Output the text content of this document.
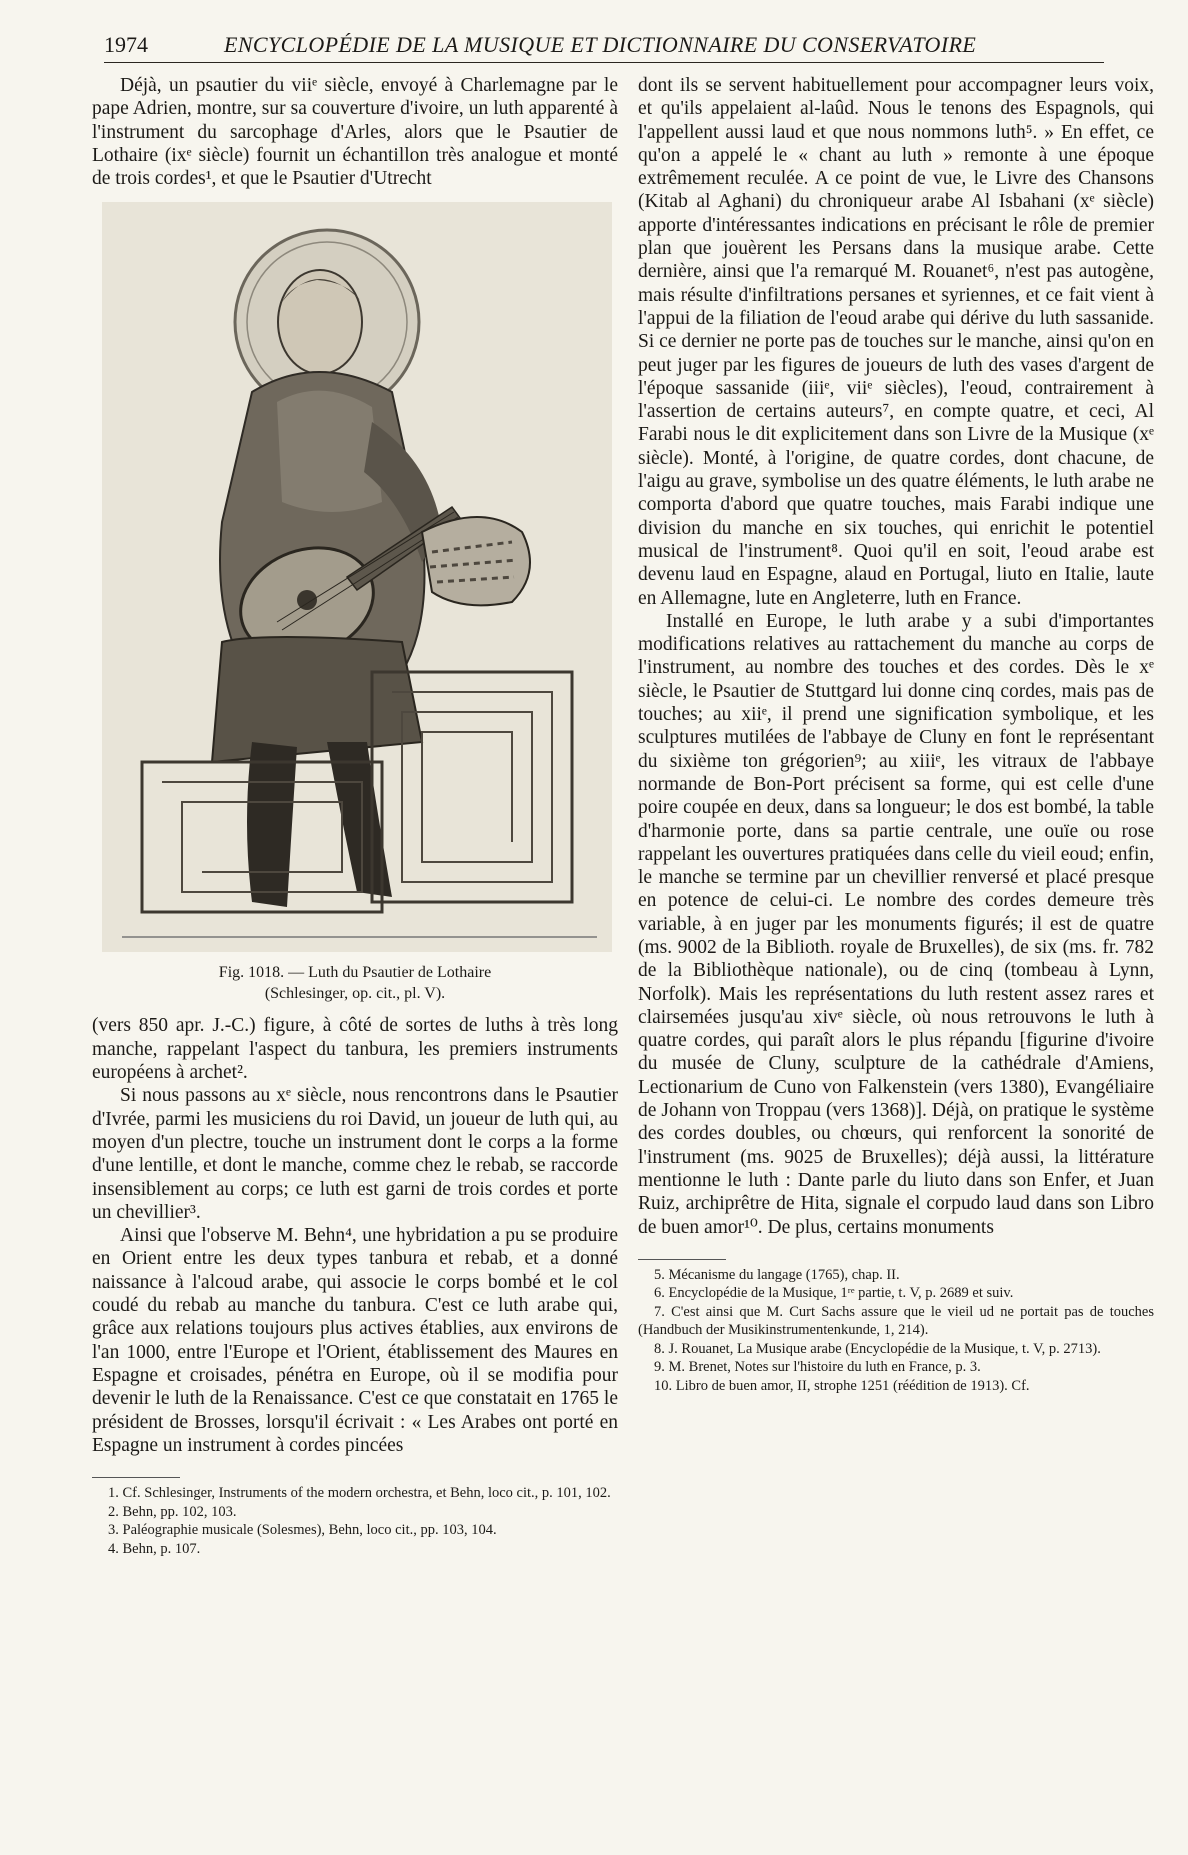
1974	ENCYCLOPÉDIE DE LA MUSIQUE ET DICTIONNAIRE DU CONSERVATOIRE

Déjà, un psautier du viiᵉ siècle, envoyé à Charlemagne par le pape Adrien, montre, sur sa couverture d'ivoire, un luth apparenté à l'instrument du sarcophage d'Arles, alors que le Psautier de Lothaire (ixᵉ siècle) fournit un échantillon très analogue et monté de trois cordes¹, et que le Psautier d'Utrecht

Fig. 1018. — Luth du Psautier de Lothaire

(Schlesinger, op. cit., pl. V).

(vers 850 apr. J.-C.) figure, à côté de sortes de luths à très long manche, rappelant l'aspect du tanbura, les premiers instruments européens à archet².

Si nous passons au xᵉ siècle, nous rencontrons dans le Psautier d'Ivrée, parmi les musiciens du roi David, un joueur de luth qui, au moyen d'un plectre, touche un instrument dont le corps a la forme d'une lentille, et dont le manche, comme chez le rebab, se raccorde insensiblement au corps; ce luth est garni de trois cordes et porte un chevillier³.

Ainsi que l'observe M. Behn⁴, une hybridation a pu se produire en Orient entre les deux types tanbura et rebab, et a donné naissance à l'alcoud arabe, qui associe le corps bombé et le col coudé du rebab au manche du tanbura. C'est ce luth arabe qui, grâce aux relations toujours plus actives établies, aux environs de l'an 1000, entre l'Europe et l'Orient, établissement des Maures en Espagne et croisades, pénétra en Europe, où il se modifia pour devenir le luth de la Renaissance. C'est ce que constatait en 1765 le président de Brosses, lorsqu'il écrivait : « Les Arabes ont porté en Espagne un instrument à cordes pincées

1. Cf. Schlesinger, Instruments of the modern orchestra, et Behn, loco cit., p. 101, 102.

2. Behn, pp. 102, 103.

3. Paléographie musicale (Solesmes), Behn, loco cit., pp. 103, 104.

4. Behn, p. 107.

dont ils se servent habituellement pour accompagner leurs voix, et qu'ils appelaient al-laûd. Nous le tenons des Espagnols, qui l'appellent aussi laud et que nous nommons luth⁵. » En effet, ce qu'on a appelé le « chant au luth » remonte à une époque extrêmement reculée. A ce point de vue, le Livre des Chansons (Kitab al Aghani) du chroniqueur arabe Al Isbahani (xᵉ siècle) apporte d'intéressantes indications en précisant le rôle de premier plan que jouèrent les Persans dans la musique arabe. Cette dernière, ainsi que l'a remarqué M. Rouanet⁶, n'est pas autogène, mais résulte d'infiltrations persanes et syriennes, et ce fait vient à l'appui de la filiation de l'eoud arabe qui dérive du luth sassanide. Si ce dernier ne porte pas de touches sur le manche, ainsi qu'on en peut juger par les figures de joueurs de luth des vases d'argent de l'époque sassanide (iiiᵉ, viiᵉ siècles), l'eoud, contrairement à l'assertion de certains auteurs⁷, en compte quatre, et ceci, Al Farabi nous le dit explicitement dans son Livre de la Musique (xᵉ siècle). Monté, à l'origine, de quatre cordes, dont chacune, de l'aigu au grave, symbolise un des quatre éléments, le luth arabe ne comporta d'abord que quatre touches, mais Farabi indique une division du manche en six touches, qui enrichit le potentiel musical de l'instrument⁸. Quoi qu'il en soit, l'eoud arabe est devenu laud en Espagne, alaud en Portugal, liuto en Italie, laute en Allemagne, lute en Angleterre, luth en France.

Installé en Europe, le luth arabe y a subi d'importantes modifications relatives au rattachement du manche au corps de l'instrument, au nombre des touches et des cordes. Dès le xᵉ siècle, le Psautier de Stuttgard lui donne cinq cordes, mais pas de touches; au xiiᵉ, il prend une signification symbolique, et les sculptures mutilées de l'abbaye de Cluny en font le représentant du sixième ton grégorien⁹; au xiiiᵉ, les vitraux de l'abbaye normande de Bon-Port précisent sa forme, qui est celle d'une poire coupée en deux, dans sa longueur; le dos est bombé, la table d'harmonie porte, dans sa partie centrale, une ouïe ou rose rappelant les ouvertures pratiquées dans celle du vieil eoud; enfin, le manche se termine par un chevillier renversé et placé presque en potence de celui-ci. Le nombre des cordes demeure très variable, à en juger par les monuments figurés; il est de quatre (ms. 9002 de la Biblioth. royale de Bruxelles), de six (ms. fr. 782 de la Bibliothèque nationale), ou de cinq (tombeau à Lynn, Norfolk). Mais les représentations du luth restent assez rares et clairsemées jusqu'au xivᵉ siècle, où nous retrouvons le luth à quatre cordes, qui paraît alors le plus répandu [figurine d'ivoire du musée de Cluny, sculpture de la cathédrale d'Amiens, Lectionarium de Cuno von Falkenstein (vers 1380), Evangéliaire de Johann von Troppau (vers 1368)]. Déjà, on pratique le système des cordes doubles, ou chœurs, qui renforcent la sonorité de l'instrument (ms. 9025 de Bruxelles); déjà aussi, la littérature mentionne le luth : Dante parle du liuto dans son Enfer, et Juan Ruiz, archiprêtre de Hita, signale el corpudo laud dans son Libro de buen amor¹⁰. De plus, certains monuments

5. Mécanisme du langage (1765), chap. II.

6. Encyclopédie de la Musique, 1ʳᵉ partie, t. V, p. 2689 et suiv.

7. C'est ainsi que M. Curt Sachs assure que le vieil ud ne portait pas de touches (Handbuch der Musikinstrumentenkunde, 1, 214).

8. J. Rouanet, La Musique arabe (Encyclopédie de la Musique, t. V, p. 2713).

9. M. Brenet, Notes sur l'histoire du luth en France, p. 3.

10. Libro de buen amor, II, strophe 1251 (réédition de 1913). Cf.
